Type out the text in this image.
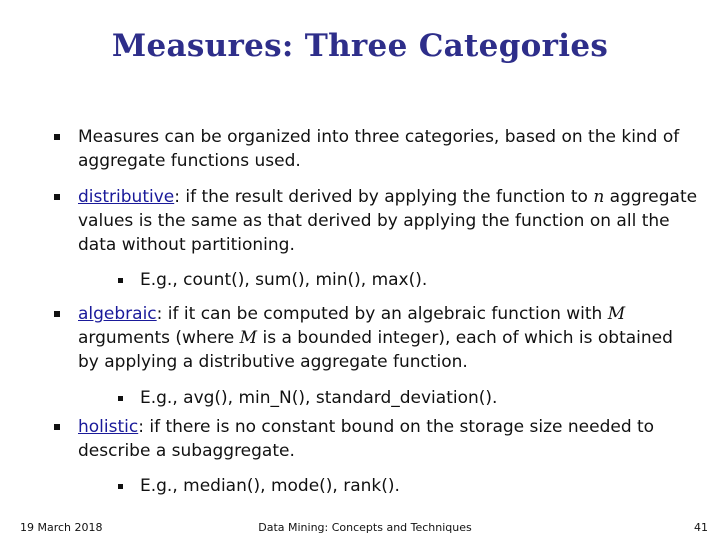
Measures: Three Categories
Measures can be organized into three categories, based on the kind of aggregate functions used.
distributive: if the result derived by applying the function to n aggregate values is the same as that derived by applying the function on all the data without partitioning.
E.g., count(), sum(), min(), max().
algebraic: if it can be computed by an algebraic function with M arguments (where M is a bounded integer), each of which is obtained by applying a distributive aggregate function.
E.g., avg(), min_N(), standard_deviation().
holistic: if there is no constant bound on the storage size needed to describe a subaggregate.
E.g., median(), mode(), rank().
19 March 2018	Data Mining: Concepts and Techniques	41
